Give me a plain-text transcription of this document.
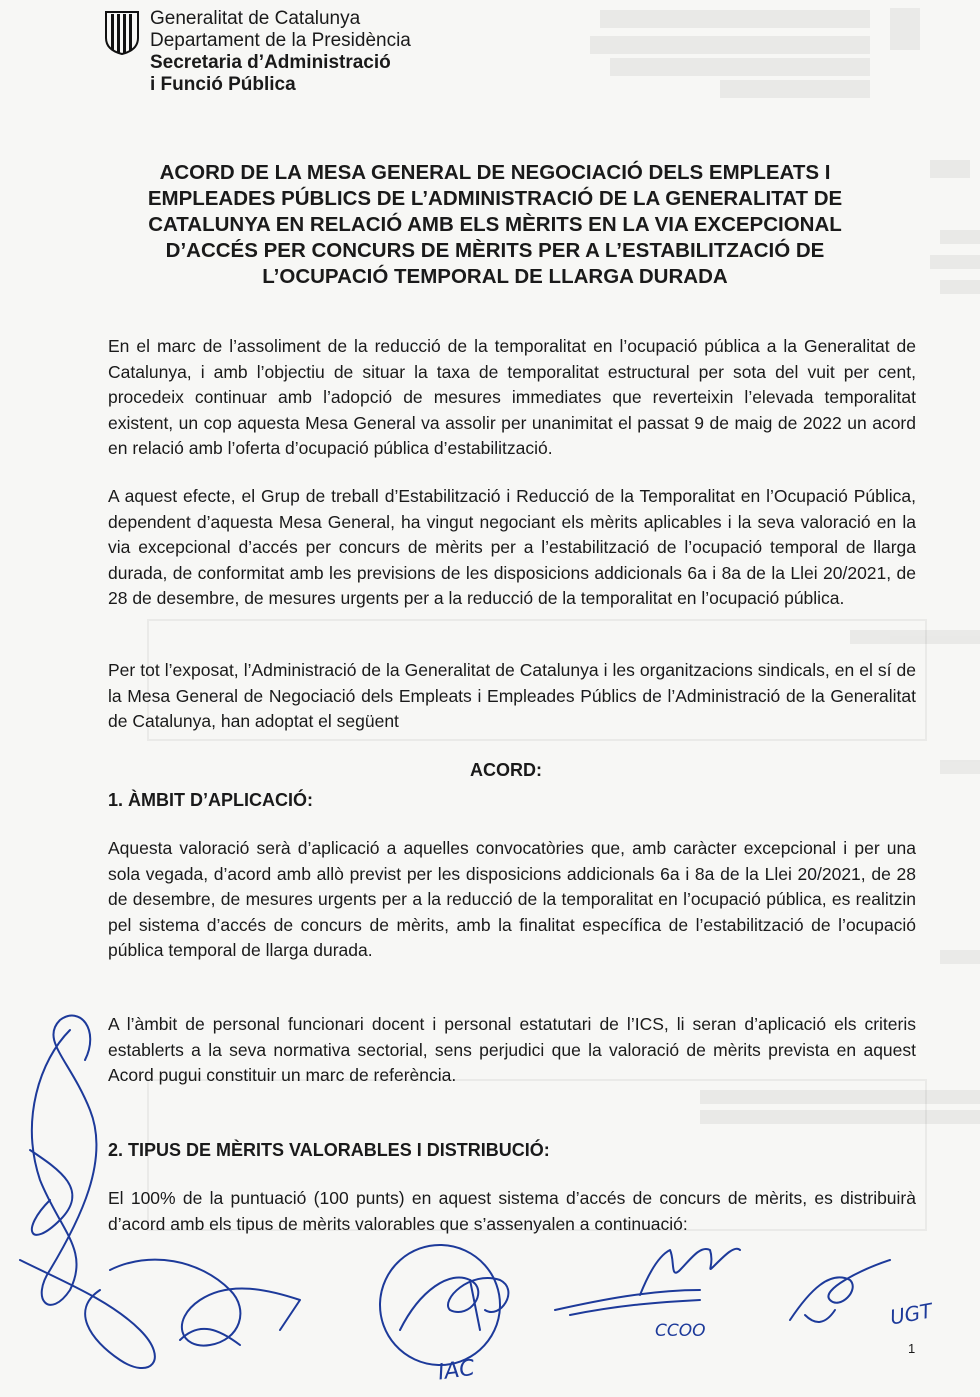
Generalitat de Catalunya
Departament de la Presidència
Secretaria d’Administració
i Funció Pública
ACORD DE LA MESA GENERAL DE NEGOCIACIÓ DELS EMPLEATS I EMPLEADES PÚBLICS DE L’ADMINISTRACIÓ DE LA GENERALITAT DE CATALUNYA EN RELACIÓ AMB ELS MÈRITS EN LA VIA EXCEPCIONAL D’ACCÉS PER CONCURS DE MÈRITS PER A L’ESTABILITZACIÓ DE L’OCUPACIÓ TEMPORAL DE LLARGA DURADA
En el marc de l’assoliment de la reducció de la temporalitat en l’ocupació pública a la Generalitat de Catalunya, i amb l’objectiu de situar la taxa de temporalitat estructural per sota del vuit per cent, procedeix continuar amb l’adopció de mesures immediates que reverteixin l’elevada temporalitat existent, un cop aquesta Mesa General va assolir per unanimitat el passat 9 de maig de 2022 un acord en relació amb l’oferta d’ocupació pública d’estabilització.
A aquest efecte, el Grup de treball d’Estabilització i Reducció de la Temporalitat en l’Ocupació Pública, dependent d’aquesta Mesa General, ha vingut negociant els mèrits aplicables i la seva valoració en la via excepcional d’accés per concurs de mèrits per a l’estabilització de l’ocupació temporal de llarga durada, de conformitat amb les previsions de les disposicions addicionals 6a i 8a de la Llei 20/2021, de 28 de desembre, de mesures urgents per a la reducció de la temporalitat en l’ocupació pública.
Per tot l’exposat, l’Administració de la Generalitat de Catalunya i les organitzacions sindicals, en el sí de la Mesa General de Negociació dels Empleats i Empleades Públics de l’Administració de la Generalitat de Catalunya, han adoptat el següent
ACORD:
1. ÀMBIT D’APLICACIÓ:
Aquesta valoració serà d’aplicació a aquelles convocatòries que, amb caràcter excepcional i per una sola vegada, d’acord amb allò previst per les disposicions addicionals 6a i 8a de la Llei 20/2021, de 28 de desembre, de mesures urgents per a la reducció de la temporalitat en l’ocupació pública, es realitzin pel sistema d’accés de concurs de mèrits, amb la finalitat específica de l’estabilització de l’ocupació pública temporal de llarga durada.
A l’àmbit de personal funcionari docent i personal estatutari de l’ICS, li seran d’aplicació els criteris establerts a la seva normativa sectorial, sens perjudici que la valoració de mèrits prevista en aquest Acord pugui constituir un marc de referència.
2. TIPUS DE MÈRITS VALORABLES I DISTRIBUCIÓ:
El 100% de la puntuació (100 punts) en aquest sistema d’accés de concurs de mèrits, es distribuirà d’acord amb els tipus de mèrits valorables que s’assenyalen a continuació:
IAC
CCOO
UGT
1
